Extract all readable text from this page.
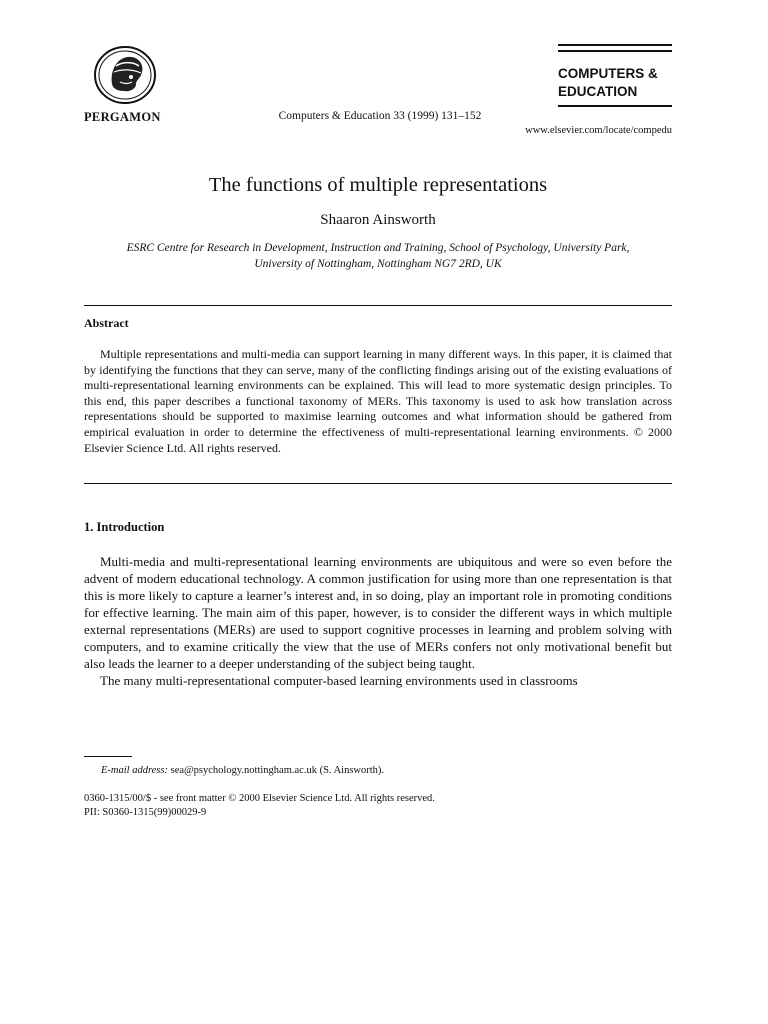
PERGAMON	Computers & Education 33 (1999) 131–152
COMPUTERS &
EDUCATION
www.elsevier.com/locate/compedu
The functions of multiple representations
Shaaron Ainsworth
ESRC Centre for Research in Development, Instruction and Training, School of Psychology, University Park,
University of Nottingham, Nottingham NG7 2RD, UK
Abstract

Multiple representations and multi-media can support learning in many different ways. In this paper, it is claimed that by identifying the functions that they can serve, many of the conflicting findings arising out of the existing evaluations of multi-representational learning environments can be explained. This will lead to more systematic design principles. To this end, this paper describes a functional taxonomy of MERs. This taxonomy is used to ask how translation across representations should be supported to maximise learning outcomes and what information should be gathered from empirical evaluation in order to determine the effectiveness of multi-representational learning environments. © 2000 Elsevier Science Ltd. All rights reserved.

1. Introduction

Multi-media and multi-representational learning environments are ubiquitous and were so even before the advent of modern educational technology. A common justification for using more than one representation is that this is more likely to capture a learner’s interest and, in so doing, play an important role in promoting conditions for effective learning. The main aim of this paper, however, is to consider the different ways in which multiple external representations (MERs) are used to support cognitive processes in learning and problem solving with computers, and to examine critically the view that the use of MERs confers not only motivational benefit but also leads the learner to a deeper understanding of the subject being taught.

The many multi-representational computer-based learning environments used in classrooms

E-mail address: sea@psychology.nottingham.ac.uk (S. Ainsworth).
0360-1315/00/$ - see front matter © 2000 Elsevier Science Ltd. All rights reserved.
PII: S0360-1315(99)00029-9
